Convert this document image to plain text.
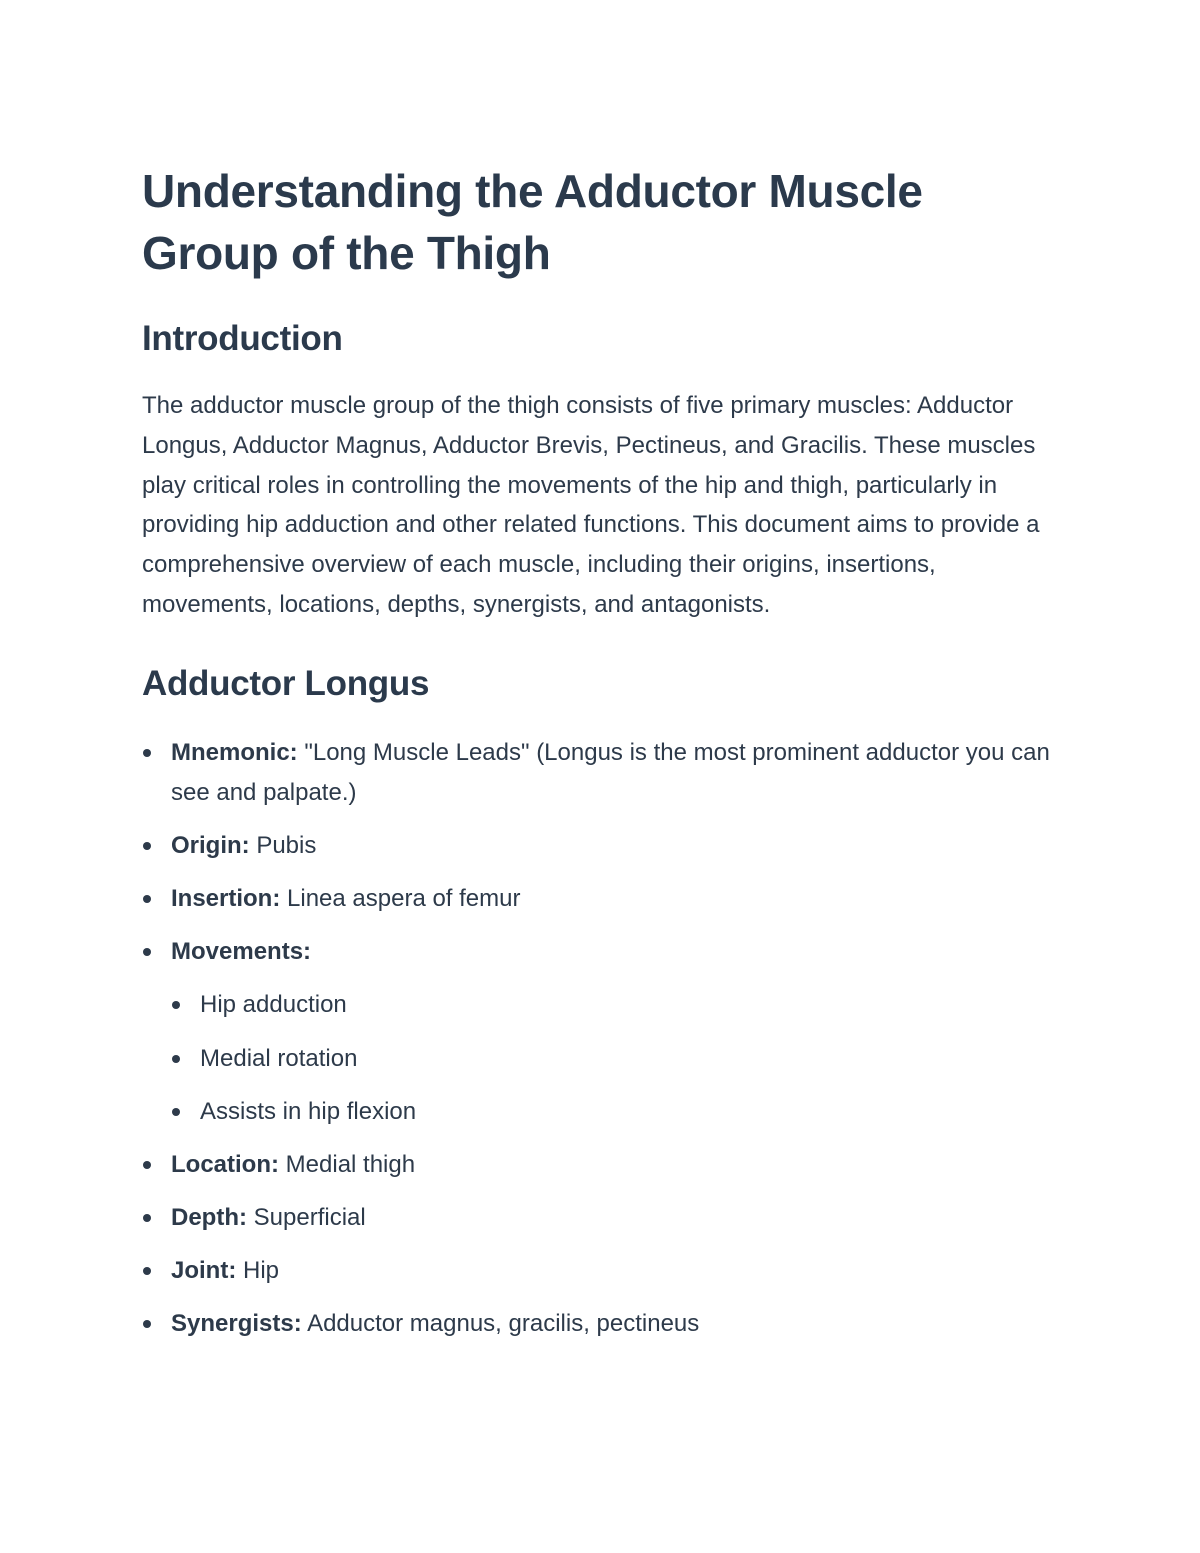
Understanding the Adductor Muscle Group of the Thigh
Introduction

The adductor muscle group of the thigh consists of five primary muscles: Adductor Longus, Adductor Magnus, Adductor Brevis, Pectineus, and Gracilis. These muscles play critical roles in controlling the movements of the hip and thigh, particularly in providing hip adduction and other related functions. This document aims to provide a comprehensive overview of each muscle, including their origins, insertions, movements, locations, depths, synergists, and antagonists.

Adductor Longus
Mnemonic: "Long Muscle Leads" (Longus is the most prominent adductor you can see and palpate.)
Origin: Pubis
Insertion: Linea aspera of femur
Movements:
Hip adduction
Medial rotation
Assists in hip flexion
Location: Medial thigh
Depth: Superficial
Joint: Hip
Synergists: Adductor magnus, gracilis, pectineus
